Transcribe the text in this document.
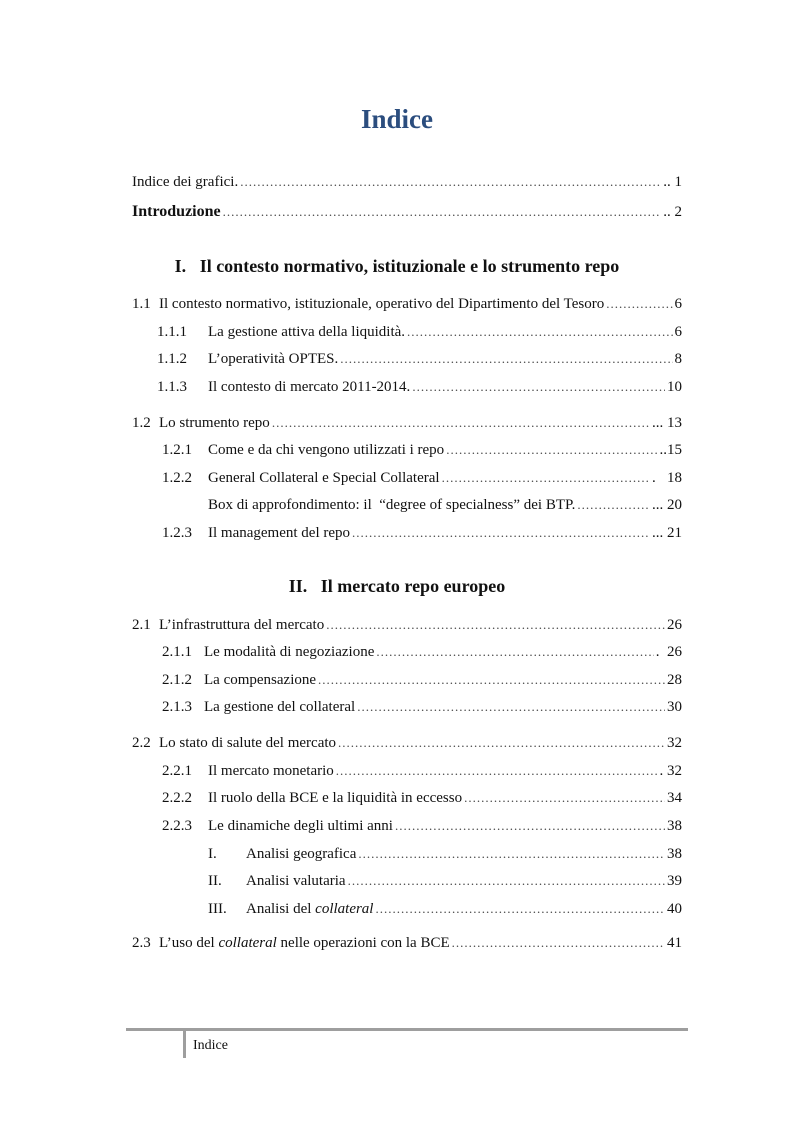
Indice
Indice dei grafici. .....	.. 1
Introduzione .....	.. 2
I. Il contesto normativo, istituzionale e lo strumento repo
1.1 Il contesto normativo, istituzionale, operativo del Dipartimento del Tesoro .....	6
1.1.1	La gestione attiva della liquidità. .....	6
1.1.2	L’operatività OPTES. .....	8
1.1.3	Il contesto di mercato 2011-2014. .....	10
1.2 Lo strumento repo .....	... 13
1.2.1	Come e da chi vengono utilizzati i repo .....	..15
1.2.2	General Collateral e Special Collateral .....	.   18
Box di approfondimento: il  “degree of specialness” dei BTP. .....	... 20
1.2.3	Il management del repo .....	... 21
II. Il mercato repo europeo
2.1 L’infrastruttura del mercato .....	26
2.1.1 Le modalità di negoziazione .....	.  26
2.1.2 La compensazione .....	28
2.1.3 La gestione del collateral .....	30
2.2 Lo stato di salute del mercato .....	32
2.2.1	Il mercato monetario .....	. 32
2.2.2	Il ruolo della BCE e la liquidità in eccesso .....	34
2.2.3	Le dinamiche degli ultimi anni .....	38
I.	Analisi geografica .....	38
II.	Analisi valutaria .....	39
III.	Analisi del collateral .....	40
2.3 L’uso del collateral nelle operazioni con la BCE .....	41
Indice
